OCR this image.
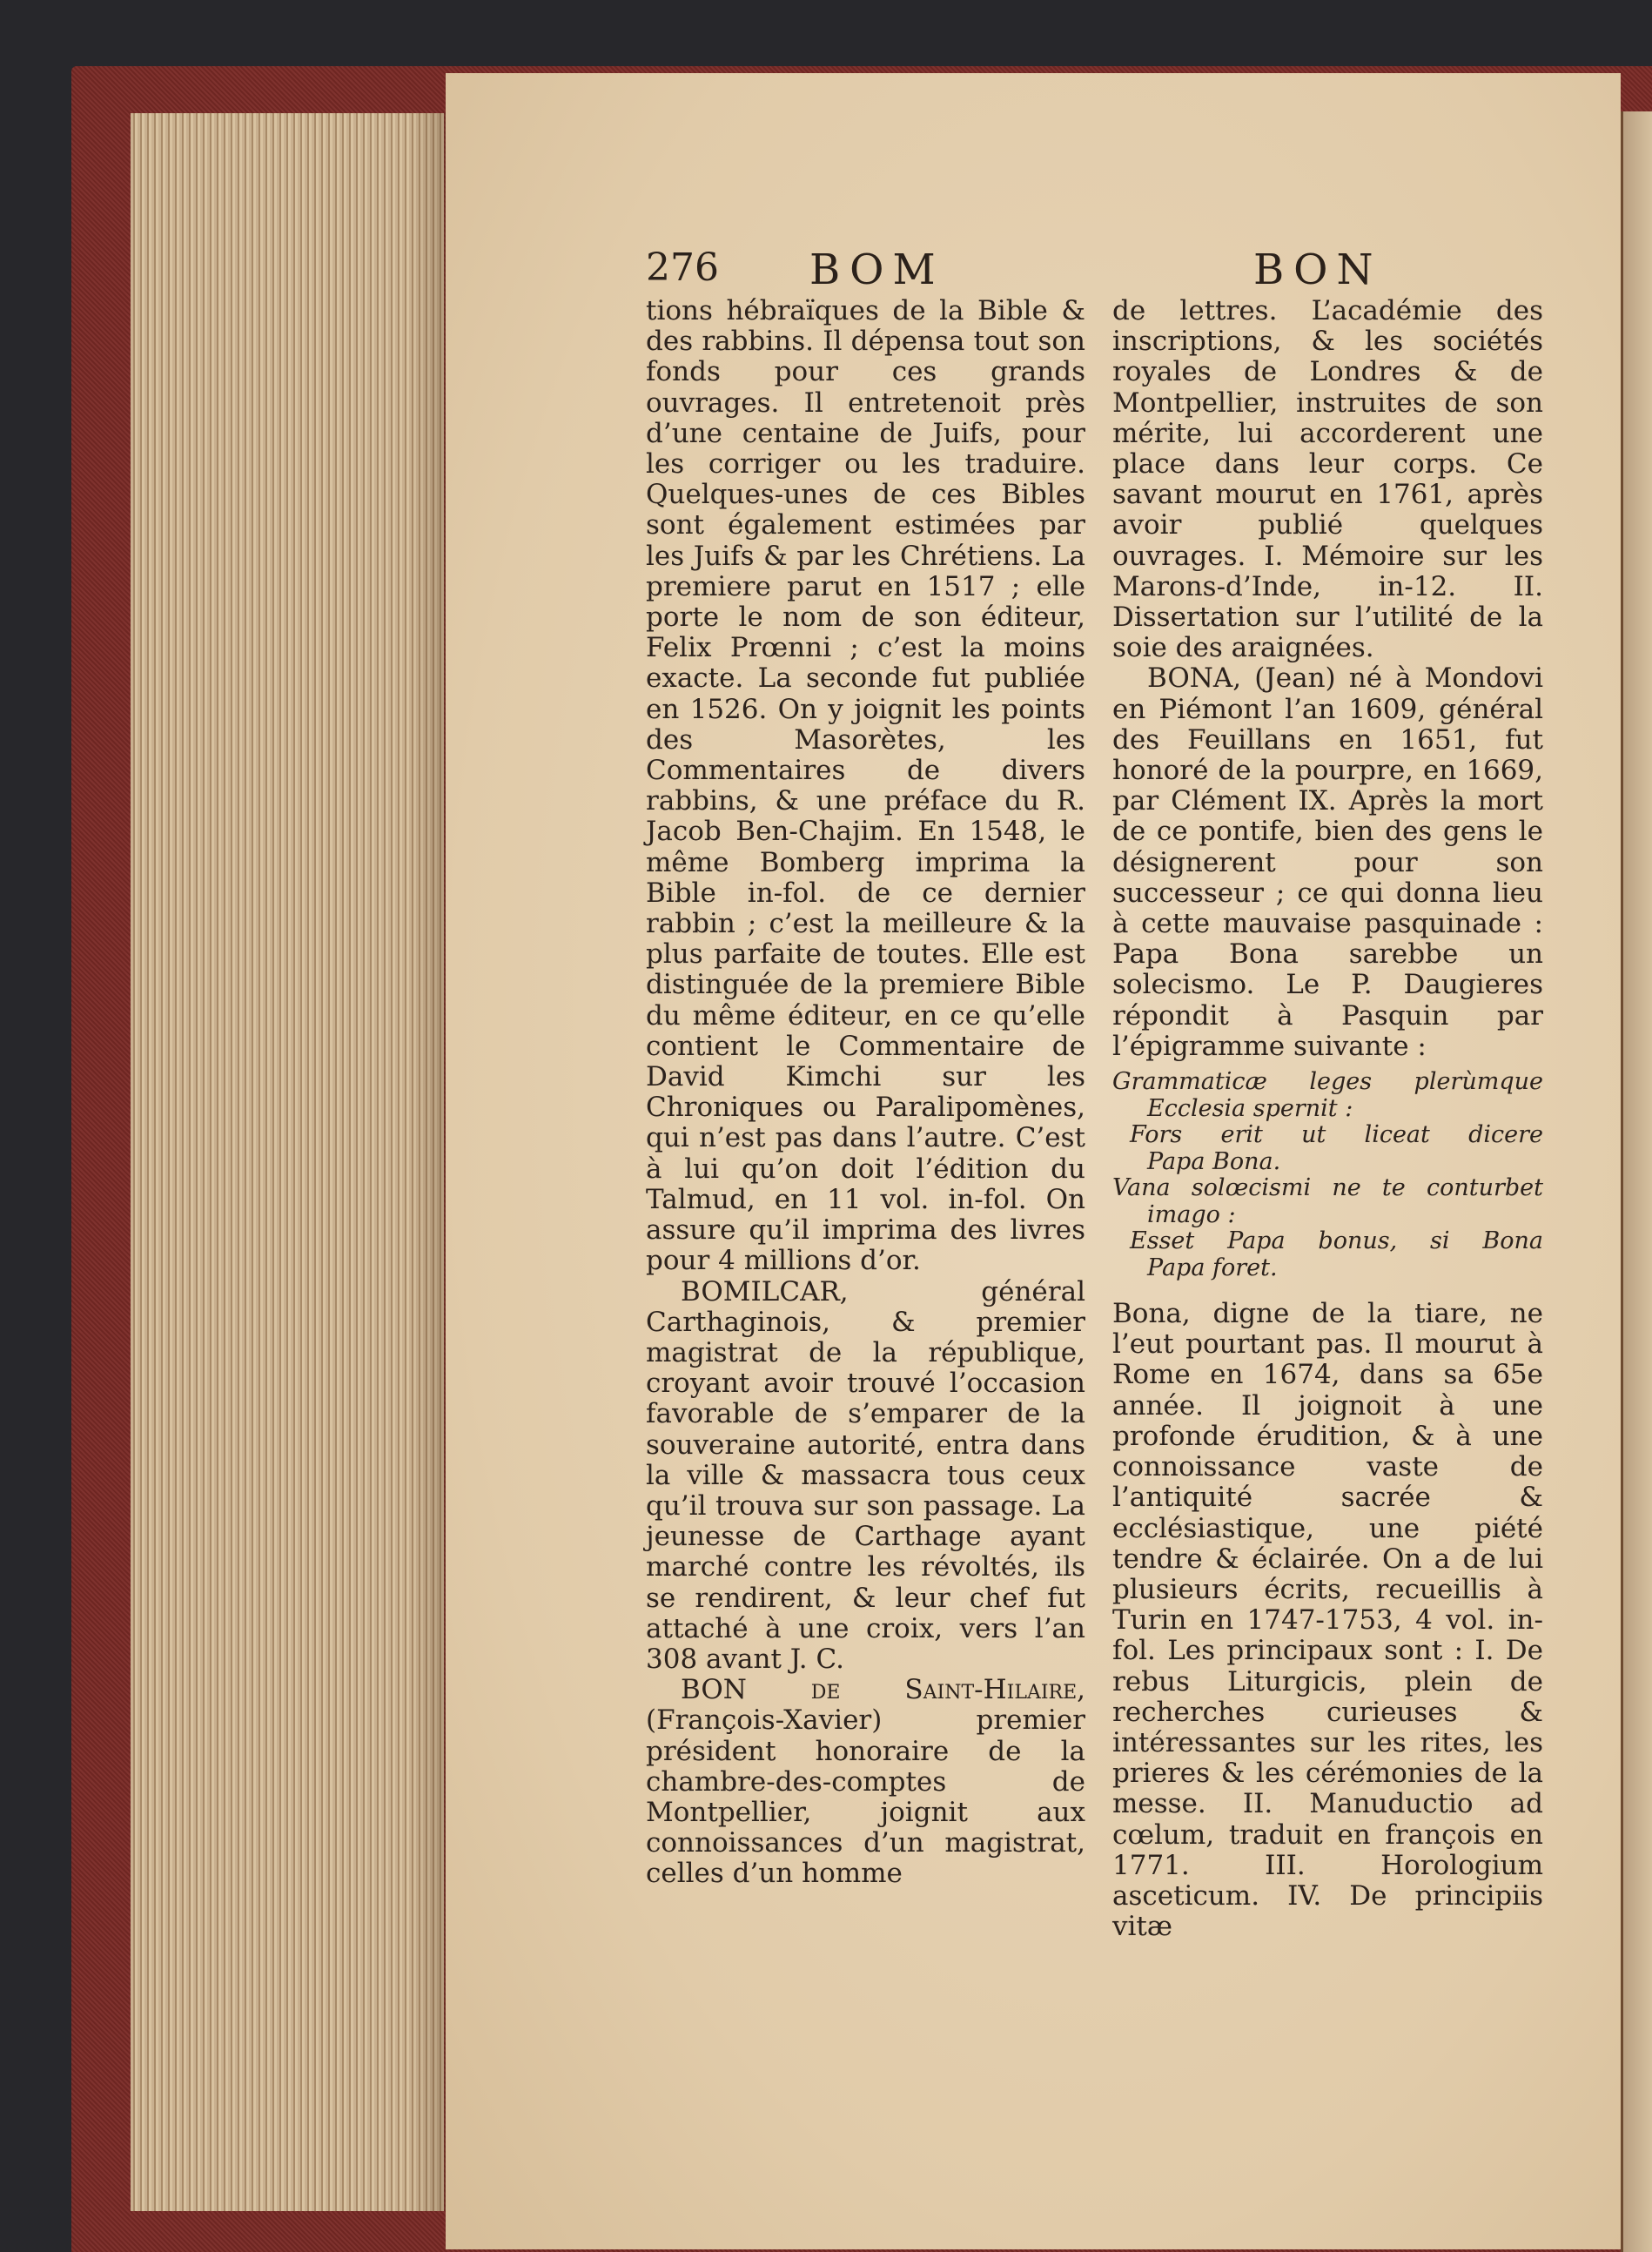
276 BOM	BON

tions hébraïques de la Bible & des rabbins. Il dépensa tout son fonds pour ces grands ouvrages. Il entretenoit près d’une centaine de Juifs, pour les corriger ou les traduire. Quelques-unes de ces Bibles sont également estimées par les Juifs & par les Chrétiens. La premiere parut en 1517 ; elle porte le nom de son éditeur, Felix Prœnni ; c’est la moins exacte. La seconde fut publiée en 1526. On y joignit les points des Masorètes, les Commentaires de divers rabbins, & une préface du R. Jacob Ben-Chajim. En 1548, le même Bomberg imprima la Bible in-fol. de ce dernier rabbin ; c’est la meilleure & la plus parfaite de toutes. Elle est distinguée de la premiere Bible du même éditeur, en ce qu’elle contient le Commentaire de David Kimchi sur les Chroniques ou Paralipomènes, qui n’est pas dans l’autre. C’est à lui qu’on doit l’édition du Talmud, en 11 vol. in-fol. On assure qu’il imprima des livres pour 4 millions d’or.

BOMILCAR, général Carthaginois, & premier magistrat de la république, croyant avoir trouvé l’occasion favorable de s’emparer de la souveraine autorité, entra dans la ville & massacra tous ceux qu’il trouva sur son passage. La jeunesse de Carthage ayant marché contre les révoltés, ils se rendirent, & leur chef fut attaché à une croix, vers l’an 308 avant J. C.

BON de Saint-Hilaire, (François-Xavier) premier président honoraire de la chambre-des-comptes de Montpellier, joignit aux connoissances d’un magistrat, celles d’un homme

de lettres. L’académie des inscriptions, & les sociétés royales de Londres & de Montpellier, instruites de son mérite, lui accorderent une place dans leur corps. Ce savant mourut en 1761, après avoir publié quelques ouvrages. I. Mémoire sur les Marons-d’Inde, in-12. II. Dissertation sur l’utilité de la soie des araignées.

BONA, (Jean) né à Mondovi en Piémont l’an 1609, général des Feuillans en 1651, fut honoré de la pourpre, en 1669, par Clément IX. Après la mort de ce pontife, bien des gens le désignerent pour son successeur ; ce qui donna lieu à cette mauvaise pasquinade : Papa Bona sarebbe un solecismo. Le P. Daugieres répondit à Pasquin par l’épigramme suivante :

Grammaticæ leges plerùmque
Ecclesia spernit :
Fors erit ut liceat dicere
Papa Bona.
Vana solœcismi ne te conturbet
imago :
Esset Papa bonus, si Bona
Papa foret.

Bona, digne de la tiare, ne l’eut pourtant pas. Il mourut à Rome en 1674, dans sa 65e année. Il joignoit à une profonde érudition, & à une connoissance vaste de l’antiquité sacrée & ecclésiastique, une piété tendre & éclairée. On a de lui plusieurs écrits, recueillis à Turin en 1747-1753, 4 vol. in-fol. Les principaux sont : I. De rebus Liturgicis, plein de recherches curieuses & intéressantes sur les rites, les prieres & les cérémonies de la messe. II. Manuductio ad cœlum, traduit en françois en 1771. III. Horologium asceticum. IV. De principiis vitæ
